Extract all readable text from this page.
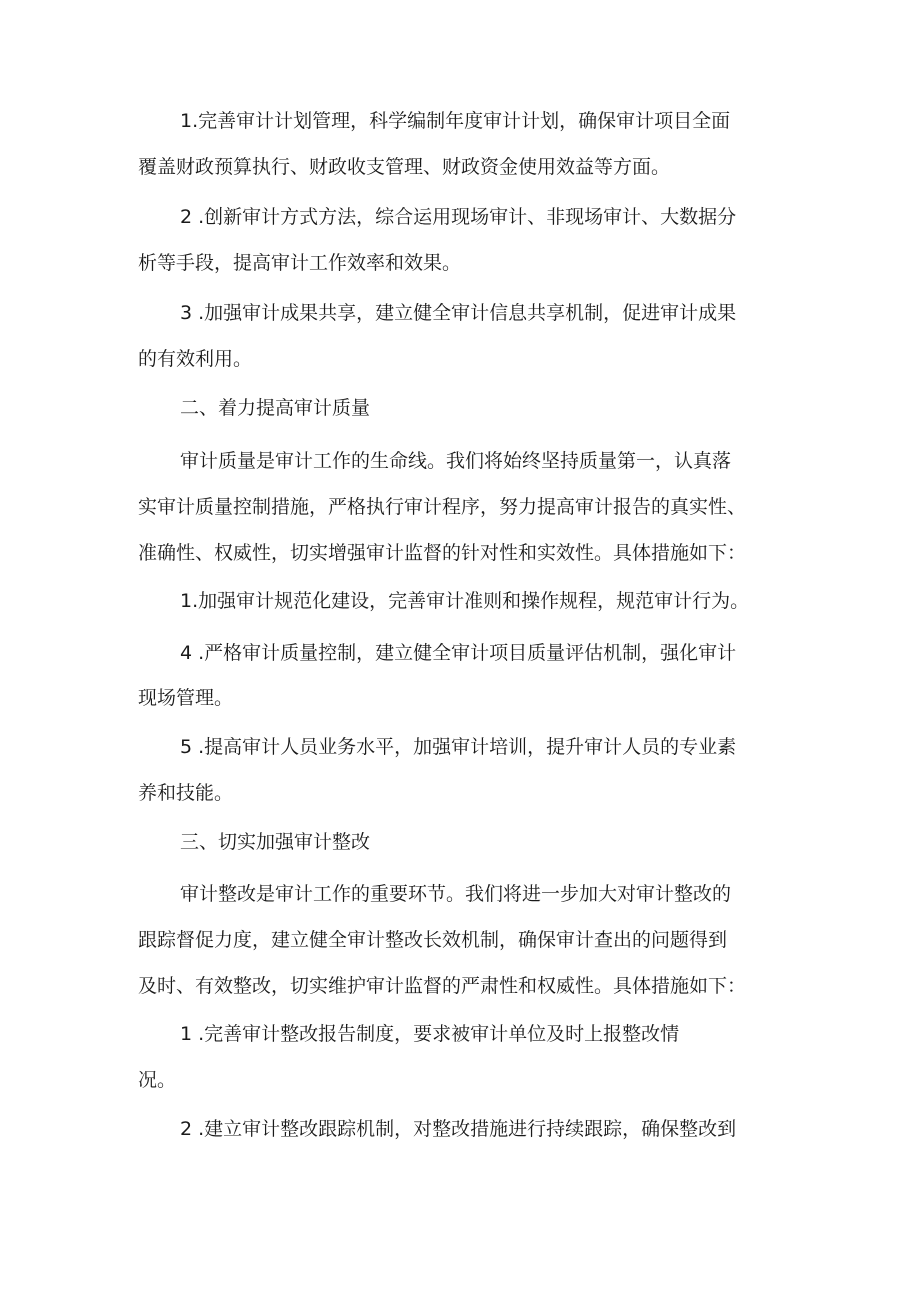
1.完善审计计划管理，科学编制年度审计计划，确保审计项目全面
覆盖财政预算执行、财政收支管理、财政资金使用效益等方面。
2 .创新审计方式方法，综合运用现场审计、非现场审计、大数据分
析等手段，提高审计工作效率和效果。
3 .加强审计成果共享，建立健全审计信息共享机制，促进审计成果
的有效利用。
二、着力提高审计质量
审计质量是审计工作的生命线。我们将始终坚持质量第一，认真落
实审计质量控制措施，严格执行审计程序，努力提高审计报告的真实性、
准确性、权威性，切实增强审计监督的针对性和实效性。具体措施如下：
1.加强审计规范化建设，完善审计准则和操作规程，规范审计行为。
4 .严格审计质量控制，建立健全审计项目质量评估机制，强化审计
现场管理。
5 .提高审计人员业务水平，加强审计培训，提升审计人员的专业素
养和技能。
三、切实加强审计整改
审计整改是审计工作的重要环节。我们将进一步加大对审计整改的
跟踪督促力度，建立健全审计整改长效机制，确保审计查出的问题得到
及时、有效整改，切实维护审计监督的严肃性和权威性。具体措施如下：
1 .完善审计整改报告制度，要求被审计单位及时上报整改情
况。
2 .建立审计整改跟踪机制，对整改措施进行持续跟踪，确保整改到
